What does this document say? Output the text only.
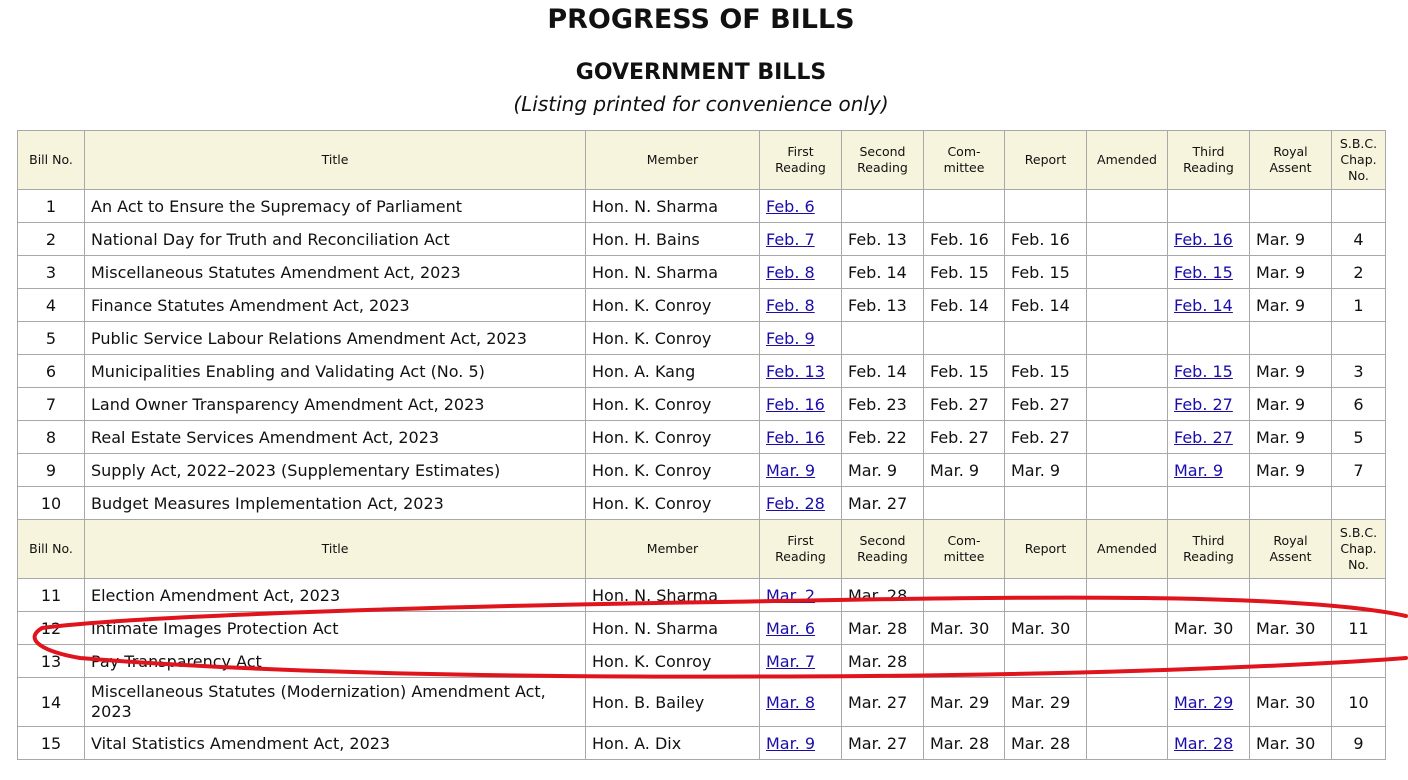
PROGRESS OF BILLS
GOVERNMENT BILLS
(Listing printed for convenience only)
Bill No.	Title	Member	First
Reading	Second
Reading	Com-
mittee	Report	Amended	Third
Reading	Royal
Assent	S.B.C.
Chap.
No.
1	An Act to Ensure the Supremacy of Parliament	Hon. N. Sharma	Feb. 6							
2	National Day for Truth and Reconciliation Act	Hon. H. Bains	Feb. 7	Feb. 13	Feb. 16	Feb. 16		Feb. 16	Mar. 9	4
3	Miscellaneous Statutes Amendment Act, 2023	Hon. N. Sharma	Feb. 8	Feb. 14	Feb. 15	Feb. 15		Feb. 15	Mar. 9	2
4	Finance Statutes Amendment Act, 2023	Hon. K. Conroy	Feb. 8	Feb. 13	Feb. 14	Feb. 14		Feb. 14	Mar. 9	1
5	Public Service Labour Relations Amendment Act, 2023	Hon. K. Conroy	Feb. 9							
6	Municipalities Enabling and Validating Act (No. 5)	Hon. A. Kang	Feb. 13	Feb. 14	Feb. 15	Feb. 15		Feb. 15	Mar. 9	3
7	Land Owner Transparency Amendment Act, 2023	Hon. K. Conroy	Feb. 16	Feb. 23	Feb. 27	Feb. 27		Feb. 27	Mar. 9	6
8	Real Estate Services Amendment Act, 2023	Hon. K. Conroy	Feb. 16	Feb. 22	Feb. 27	Feb. 27		Feb. 27	Mar. 9	5
9	Supply Act, 2022–2023 (Supplementary Estimates)	Hon. K. Conroy	Mar. 9	Mar. 9	Mar. 9	Mar. 9		Mar. 9	Mar. 9	7
10	Budget Measures Implementation Act, 2023	Hon. K. Conroy	Feb. 28	Mar. 27						
Bill No.	Title	Member	First
Reading	Second
Reading	Com-
mittee	Report	Amended	Third
Reading	Royal
Assent	S.B.C.
Chap.
No.
11	Election Amendment Act, 2023	Hon. N. Sharma	Mar. 2	Mar. 28						
12	Intimate Images Protection Act	Hon. N. Sharma	Mar. 6	Mar. 28	Mar. 30	Mar. 30		Mar. 30	Mar. 30	11
13	Pay Transparency Act	Hon. K. Conroy	Mar. 7	Mar. 28						
14	Miscellaneous Statutes (Modernization) Amendment Act, 2023	Hon. B. Bailey	Mar. 8	Mar. 27	Mar. 29	Mar. 29		Mar. 29	Mar. 30	10
15	Vital Statistics Amendment Act, 2023	Hon. A. Dix	Mar. 9	Mar. 27	Mar. 28	Mar. 28		Mar. 28	Mar. 30	9
